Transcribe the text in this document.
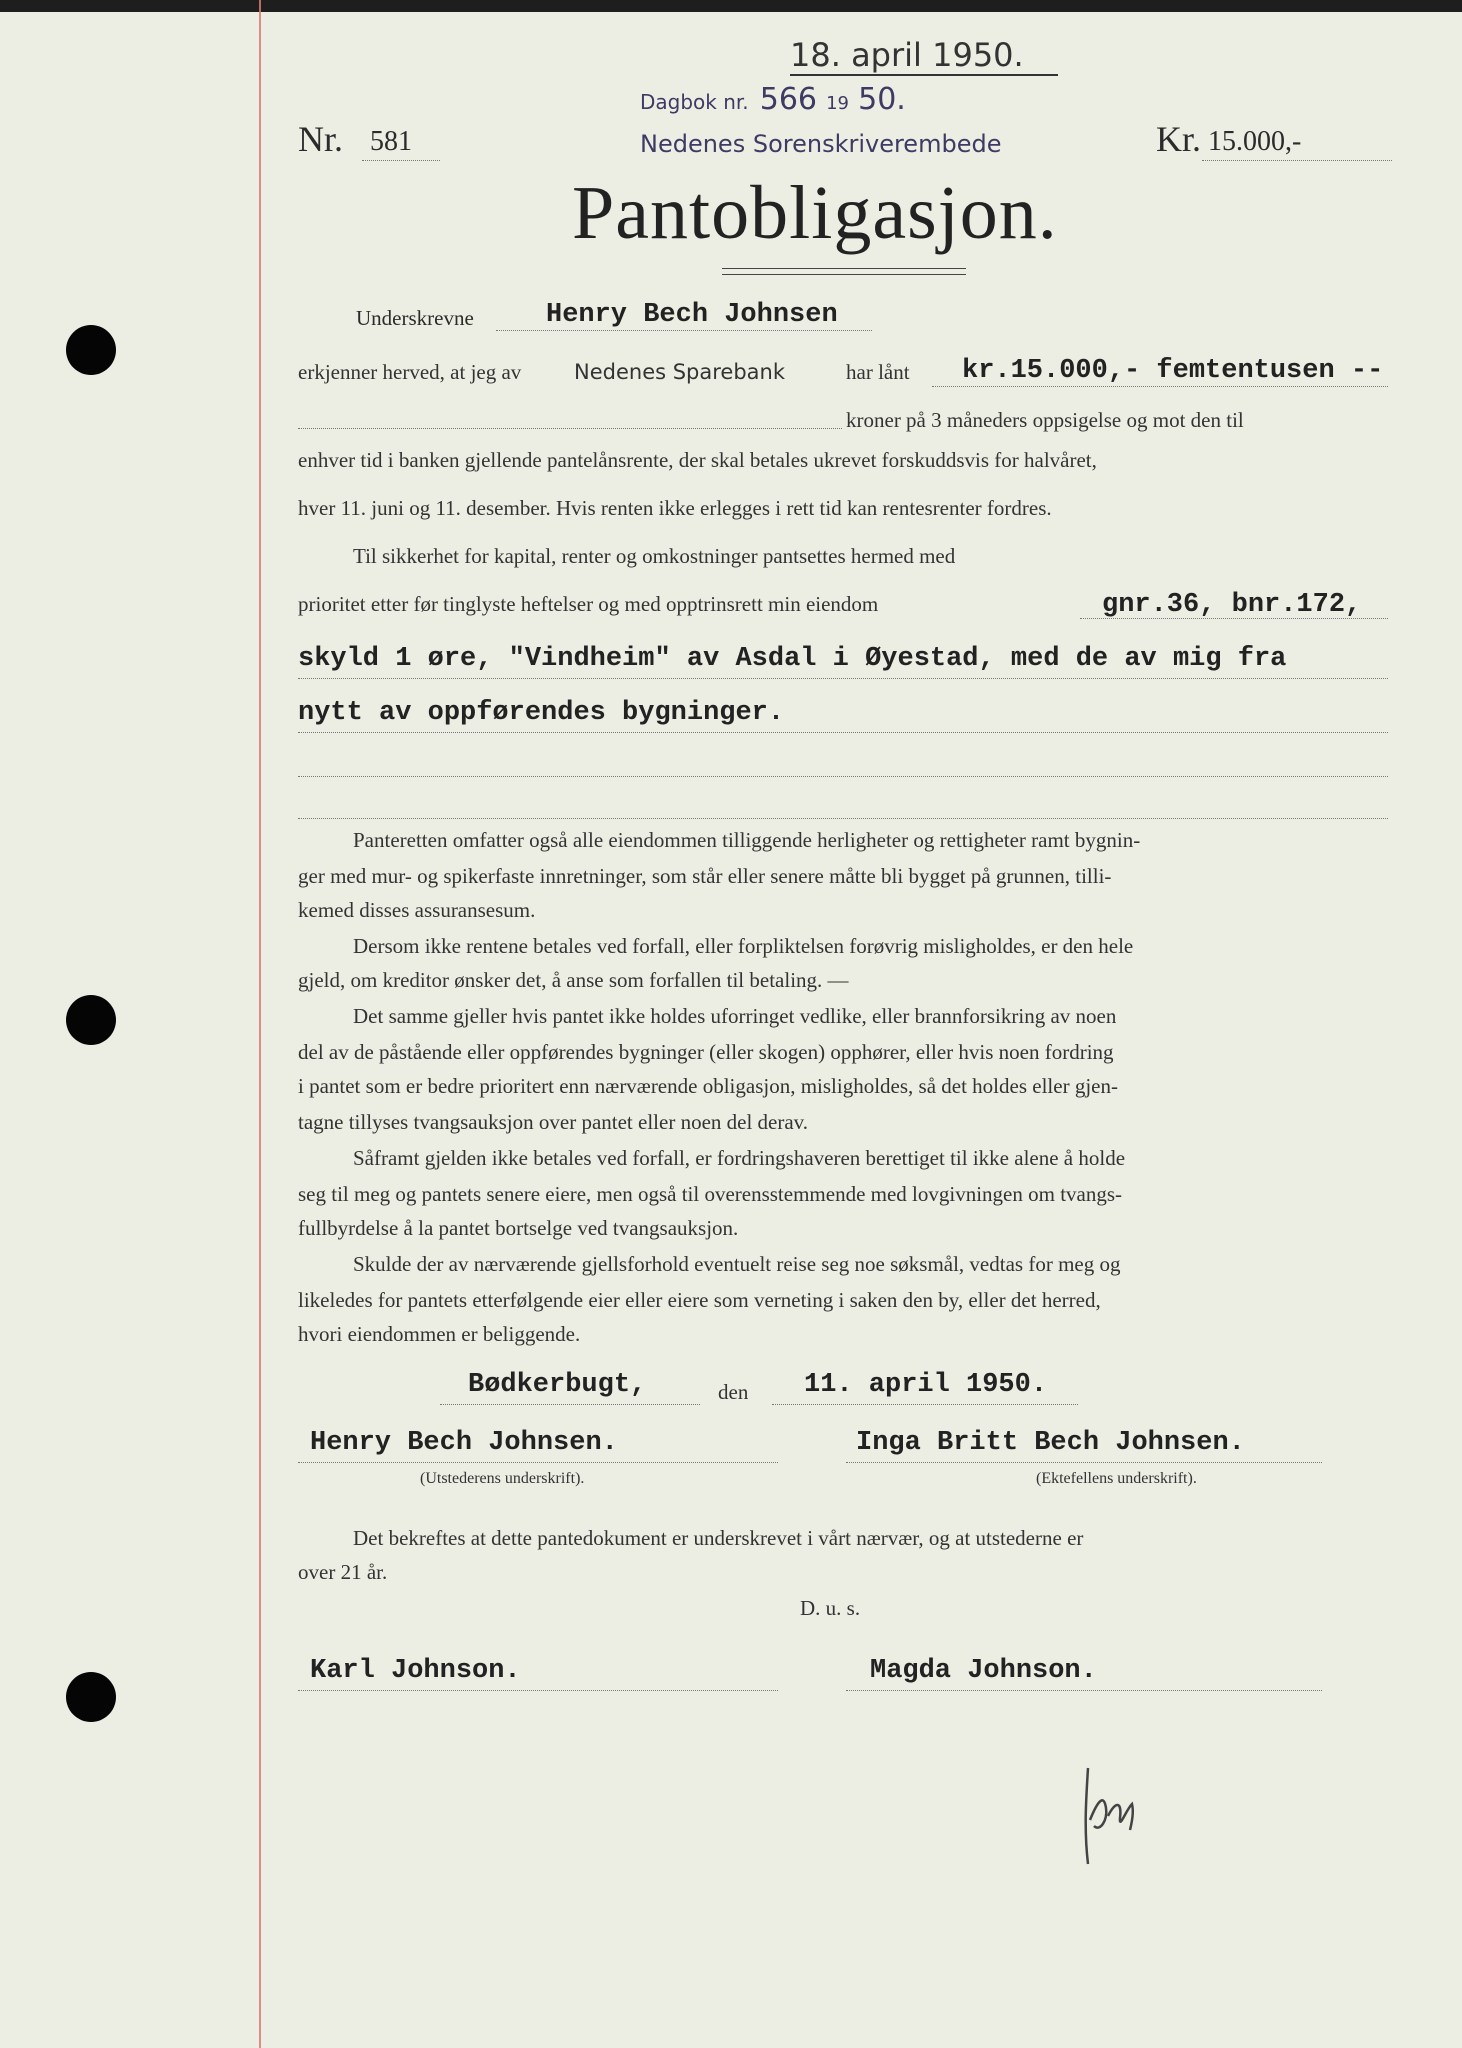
18. april 1950.
Dagbok nr. 566 19 50.
Nedenes Sorenskriverembede
Nr. 581	Kr. 15.000,-
Pantobligasjon.
Underskrevne	Henry Bech Johnsen
erkjenner herved, at jeg av	Nedenes Sparebank	har lånt kr.15.000,- femtentusen --
kroner på 3 måneders oppsigelse og mot den til
enhver tid i banken gjellende pantelånsrente, der skal betales ukrevet forskuddsvis for halvåret,
hver 11. juni og 11. desember. Hvis renten ikke erlegges i rett tid kan rentesrenter fordres.
Til sikkerhet for kapital, renter og omkostninger pantsettes hermed med
prioritet etter før tinglyste heftelser og med opptrinsrett min eiendom	gnr.36, bnr.172,
skyld 1 øre, "Vindheim" av Asdal i Øyestad, med de av mig fra
nytt av oppførendes bygninger.
Panteretten omfatter også alle eiendommen tilliggende herligheter og rettigheter ramt bygnin-
ger med mur- og spikerfaste innretninger, som står eller senere måtte bli bygget på grunnen, tilli-
kemed disses assuransesum.
Dersom ikke rentene betales ved forfall, eller forpliktelsen forøvrig misligholdes, er den hele
gjeld, om kreditor ønsker det, å anse som forfallen til betaling. —
Det samme gjeller hvis pantet ikke holdes uforringet vedlike, eller brannforsikring av noen
del av de påstående eller oppførendes bygninger (eller skogen) opphører, eller hvis noen fordring
i pantet som er bedre prioritert enn nærværende obligasjon, misligholdes, så det holdes eller gjen-
tagne tillyses tvangsauksjon over pantet eller noen del derav.
Såframt gjelden ikke betales ved forfall, er fordringshaveren berettiget til ikke alene å holde
seg til meg og pantets senere eiere, men også til overensstemmende med lovgivningen om tvangs-
fullbyrdelse å la pantet bortselge ved tvangsauksjon.
Skulde der av nærværende gjellsforhold eventuelt reise seg noe søksmål, vedtas for meg og
likeledes for pantets etterfølgende eier eller eiere som verneting i saken den by, eller det herred,
hvori eiendommen er beliggende.
Bødkerbugt,	den 11. april 1950.
Henry Bech Johnsen.
(Utstederens underskrift).
Inga Britt Bech Johnsen.
(Ektefellens underskrift).
Det bekreftes at dette pantedokument er underskrevet i vårt nærvær, og at utstederne er
over 21 år.
D. u. s.
Karl Johnson.	Magda Johnson.
